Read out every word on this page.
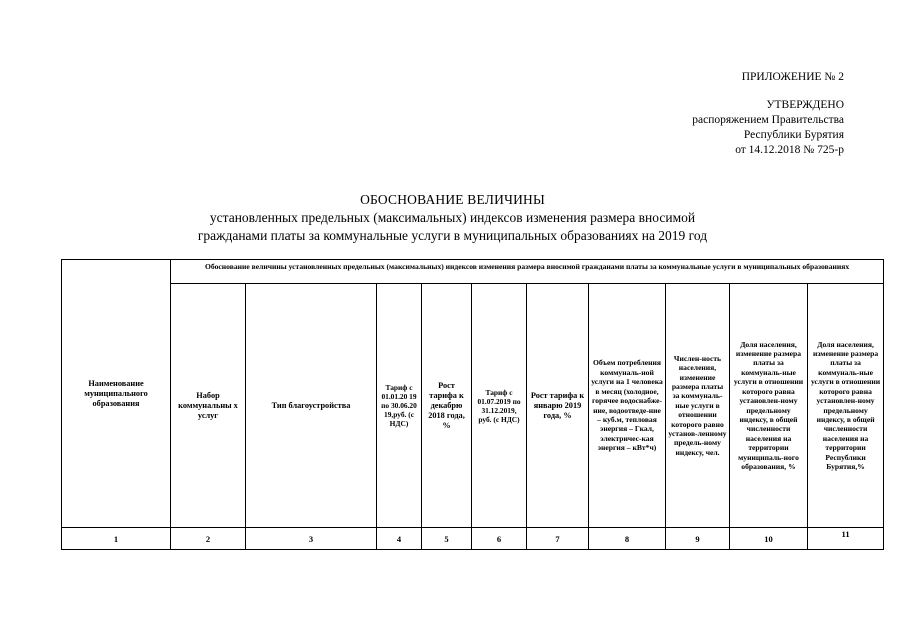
ПРИЛОЖЕНИЕ № 2
УТВЕРЖДЕНО
распоряжением Правительства
Республики Бурятия
от 14.12.2018 № 725-р
ОБОСНОВАНИЕ ВЕЛИЧИНЫ
установленных предельных (максимальных) индексов изменения размера вносимой
гражданами платы за коммунальные услуги в муниципальных образованиях на 2019 год
Наименование муниципального образования	Обоснование величины установленных предельных (максимальных) индексов изменения размера вносимой гражданами платы за коммунальные услуги в муниципальных образованиях									
	Набор коммунальны х услуг	Тип благоустройства	Тариф с 01.01.20 19 по 30.06.20 19,руб. (с НДС)	Рост тарифа к декабрю 2018 года, %	Тариф с 01.07.2019 по 31.12.2019, руб. (с НДС)	Рост тарифа к январю 2019 года, %	Объем потребления коммуналь-ной услуги на 1 человека в месяц (холодное, горячее водоснабже-ние, водоотведе-ние – куб.м, тепловая энергия – Гкал, электричес-кая энергия – кВт*ч)	Числен-ность населения, изменение размера платы за коммуналь-ные услуги в отношении которого равно установ-ленному предель-ному индексу, чел.	Доля населения, изменение размера платы за коммуналь-ные услуги в отношении которого равна установлен-ному предельному индексу, в общей численности населения на территории муниципаль-ного образования, %	Доля населения, изменение размера платы за коммуналь-ные услуги в отношении которого равна установлен-ному предельному индексу, в общей численности населения на территории Республики Бурятия,%
1	2	3	4	5	6	7	8	9	10	11
